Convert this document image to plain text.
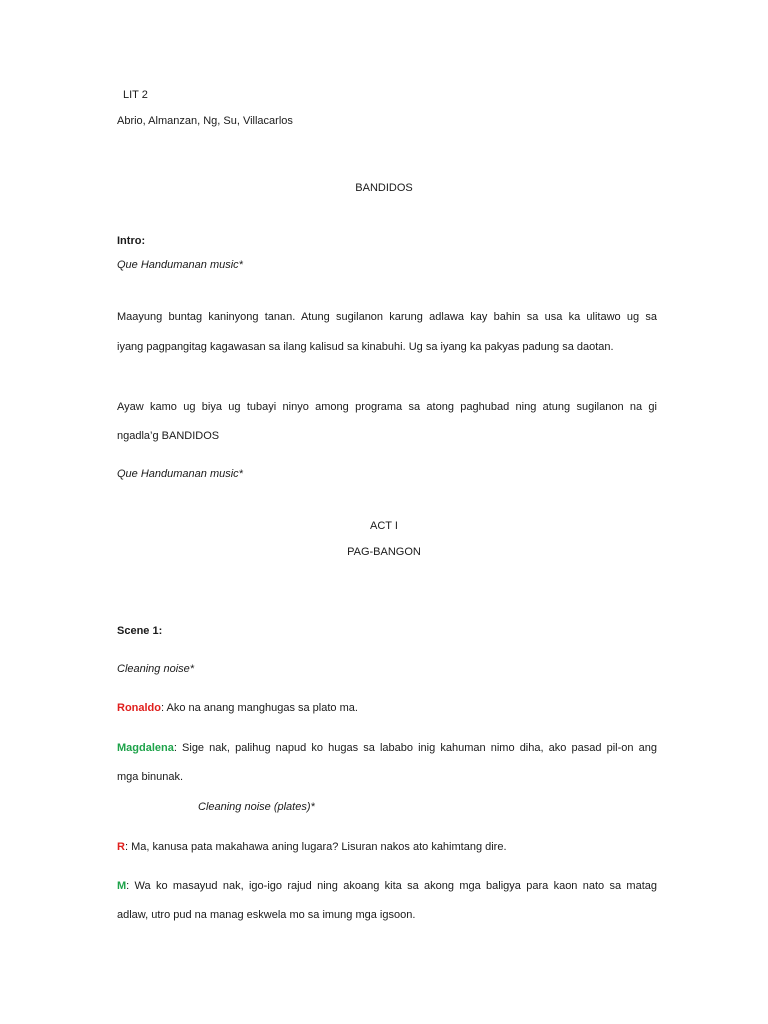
LIT 2
Abrio, Almanzan, Ng, Su, Villacarlos
BANDIDOS
Intro:
Que Handumanan music*
Maayung buntag kaninyong tanan. Atung sugilanon karung adlawa kay bahin sa usa ka ulitawo ug sa
iyang pagpangitag kagawasan sa ilang kalisud sa kinabuhi. Ug sa iyang ka pakyas padung sa daotan.
Ayaw kamo ug biya ug tubayi ninyo among programa sa atong paghubad ning atung sugilanon na gi
ngadla’g BANDIDOS
Que Handumanan music*
ACT I
PAG-BANGON
Scene 1:
Cleaning noise*
Ronaldo: Ako na anang manghugas sa plato ma.
Magdalena: Sige nak, palihug napud ko hugas sa lababo inig kahuman nimo diha, ako pasad pil-on ang
mga binunak.
Cleaning noise (plates)*
R: Ma, kanusa pata makahawa aning lugara? Lisuran nakos ato kahimtang dire.
M: Wa ko masayud nak, igo-igo rajud ning akoang kita sa akong mga baligya para kaon nato sa matag
adlaw, utro pud na manag eskwela mo sa imung mga igsoon.
